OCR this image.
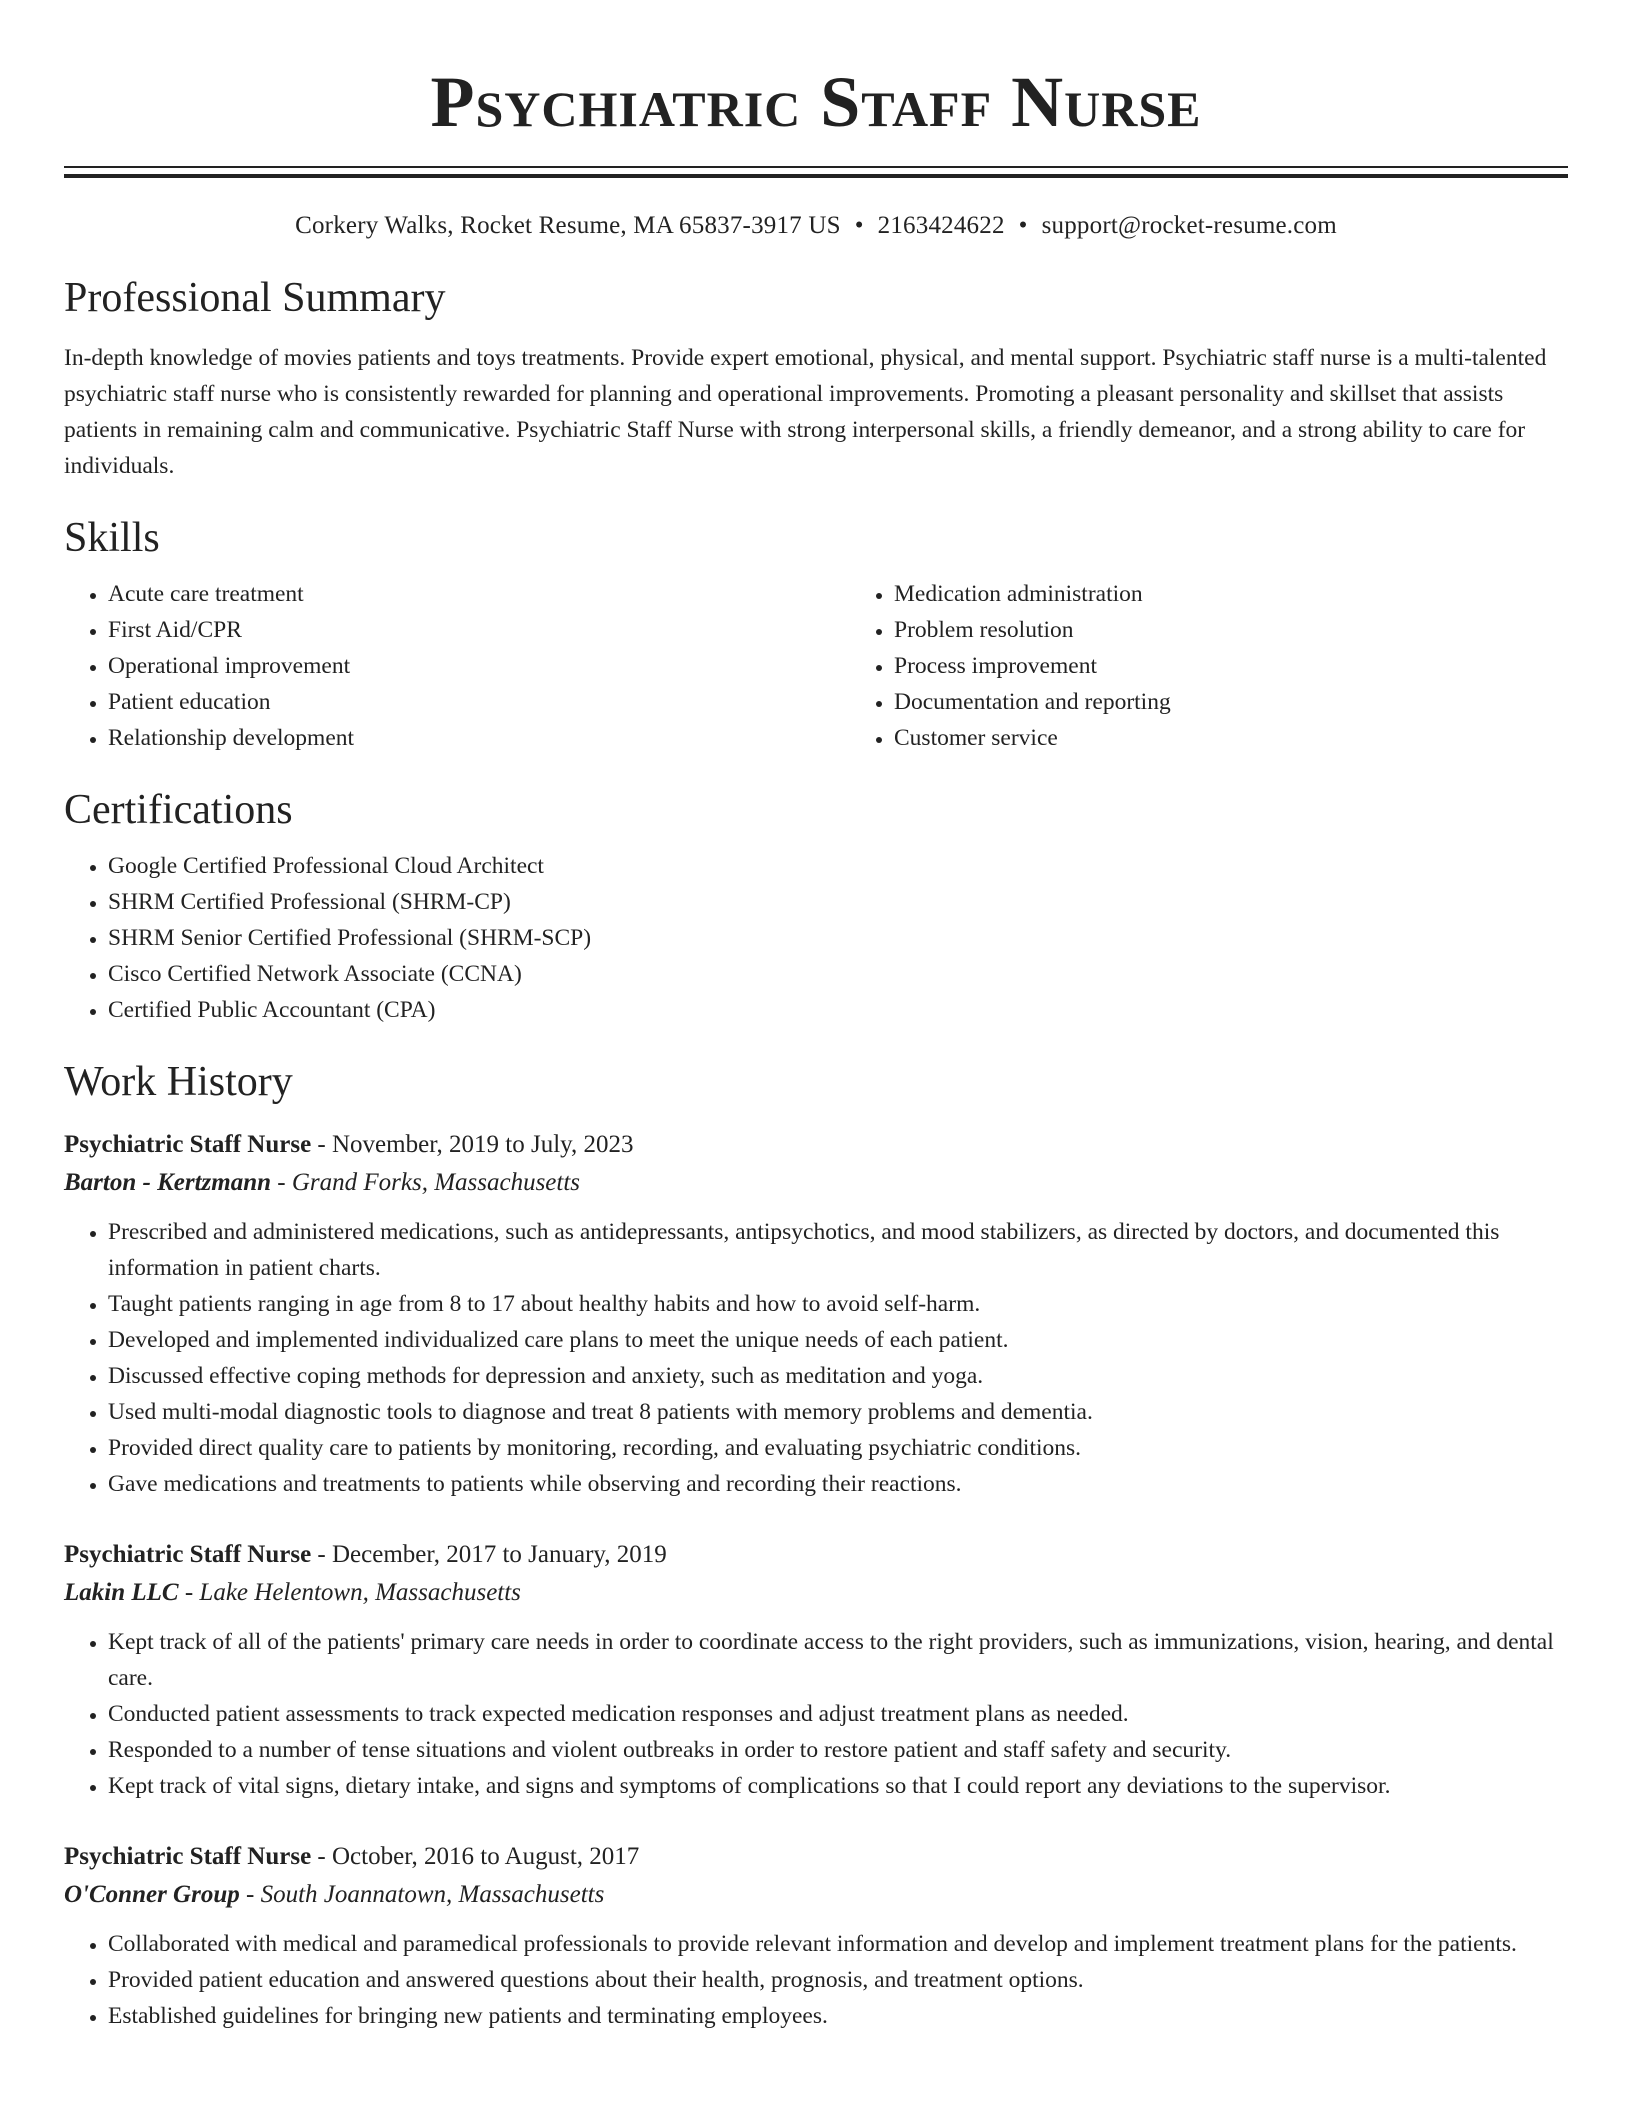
Psychiatric Staff Nurse
Corkery Walks, Rocket Resume, MA 65837-3917 US • 2163424622 • support@rocket-resume.com
Professional Summary

In-depth knowledge of movies patients and toys treatments. Provide expert emotional, physical, and mental support. Psychiatric staff nurse is a multi-talented psychiatric staff nurse who is consistently rewarded for planning and operational improvements. Promoting a pleasant personality and skillset that assists patients in remaining calm and communicative. Psychiatric Staff Nurse with strong interpersonal skills, a friendly demeanor, and a strong ability to care for individuals.

Skills
• Acute care treatment
• First Aid/CPR
• Operational improvement
• Patient education
• Relationship development
• Medication administration
• Problem resolution
• Process improvement
• Documentation and reporting
• Customer service
Certifications
• Google Certified Professional Cloud Architect
• SHRM Certified Professional (SHRM-CP)
• SHRM Senior Certified Professional (SHRM-SCP)
• Cisco Certified Network Associate (CCNA)
• Certified Public Accountant (CPA)
Work History
Psychiatric Staff Nurse - November, 2019 to July, 2023
Barton - Kertzmann - Grand Forks, Massachusetts
• Prescribed and administered medications, such as antidepressants, antipsychotics, and mood stabilizers, as directed by doctors, and documented this information in patient charts.
• Taught patients ranging in age from 8 to 17 about healthy habits and how to avoid self-harm.
• Developed and implemented individualized care plans to meet the unique needs of each patient.
• Discussed effective coping methods for depression and anxiety, such as meditation and yoga.
• Used multi-modal diagnostic tools to diagnose and treat 8 patients with memory problems and dementia.
• Provided direct quality care to patients by monitoring, recording, and evaluating psychiatric conditions.
• Gave medications and treatments to patients while observing and recording their reactions.
Psychiatric Staff Nurse - December, 2017 to January, 2019
Lakin LLC - Lake Helentown, Massachusetts
• Kept track of all of the patients' primary care needs in order to coordinate access to the right providers, such as immunizations, vision, hearing, and dental care.
• Conducted patient assessments to track expected medication responses and adjust treatment plans as needed.
• Responded to a number of tense situations and violent outbreaks in order to restore patient and staff safety and security.
• Kept track of vital signs, dietary intake, and signs and symptoms of complications so that I could report any deviations to the supervisor.
Psychiatric Staff Nurse - October, 2016 to August, 2017
O'Conner Group - South Joannatown, Massachusetts
• Collaborated with medical and paramedical professionals to provide relevant information and develop and implement treatment plans for the patients.
• Provided patient education and answered questions about their health, prognosis, and treatment options.
• Established guidelines for bringing new patients and terminating employees.
